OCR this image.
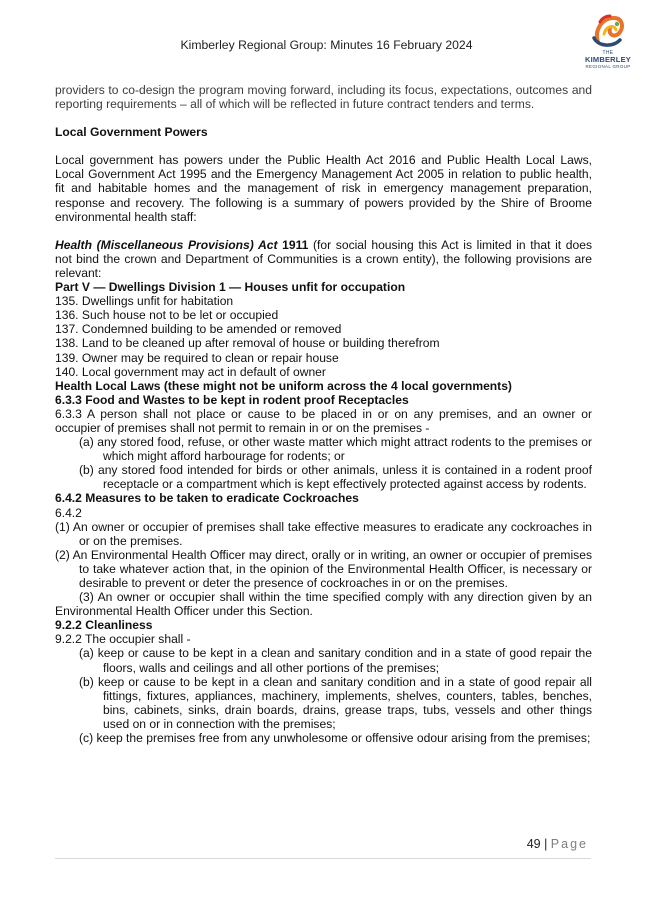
Kimberley Regional Group: Minutes 16 February 2024
THE
KIMBERLEY
REGIONAL GROUP

providers to co-design the program moving forward, including its focus, expectations, outcomes and reporting requirements – all of which will be reflected in future contract tenders and terms.

Local Government Powers

Local government has powers under the Public Health Act 2016 and Public Health Local Laws, Local Government Act 1995 and the Emergency Management Act 2005 in relation to public health, fit and habitable homes and the management of risk in emergency management preparation, response and recovery. The following is a summary of powers provided by the Shire of Broome environmental health staff:

Health (Miscellaneous Provisions) Act 1911 (for social housing this Act is limited in that it does not bind the crown and Department of Communities is a crown entity), the following provisions are relevant:

Part V — Dwellings Division 1 — Houses unfit for occupation

135. Dwellings unfit for habitation

136. Such house not to be let or occupied

137. Condemned building to be amended or removed

138. Land to be cleaned up after removal of house or building therefrom

139. Owner may be required to clean or repair house

140. Local government may act in default of owner

Health Local Laws (these might not be uniform across the 4 local governments)

6.3.3 Food and Wastes to be kept in rodent proof Receptacles

6.3.3 A person shall not place or cause to be placed in or on any premises, and an owner or occupier of premises shall not permit to remain in or on the premises -

(a) any stored food, refuse, or other waste matter which might attract rodents to the premises or which might afford harbourage for rodents; or

(b) any stored food intended for birds or other animals, unless it is contained in a rodent proof receptacle or a compartment which is kept effectively protected against access by rodents.

6.4.2 Measures to be taken to eradicate Cockroaches

6.4.2

(1) An owner or occupier of premises shall take effective measures to eradicate any cockroaches in or on the premises.

(2) An Environmental Health Officer may direct, orally or in writing, an owner or occupier of premises to take whatever action that, in the opinion of the Environmental Health Officer, is necessary or desirable to prevent or deter the presence of cockroaches in or on the premises.

(3) An owner or occupier shall within the time specified comply with any direction given by an Environmental Health Officer under this Section.

9.2.2 Cleanliness

9.2.2 The occupier shall -

(a) keep or cause to be kept in a clean and sanitary condition and in a state of good repair the floors, walls and ceilings and all other portions of the premises;

(b) keep or cause to be kept in a clean and sanitary condition and in a state of good repair all fittings, fixtures, appliances, machinery, implements, shelves, counters, tables, benches, bins, cabinets, sinks, drain boards, drains, grease traps, tubs, vessels and other things used on or in connection with the premises;

(c) keep the premises free from any unwholesome or offensive odour arising from the premises;

49 | Page
